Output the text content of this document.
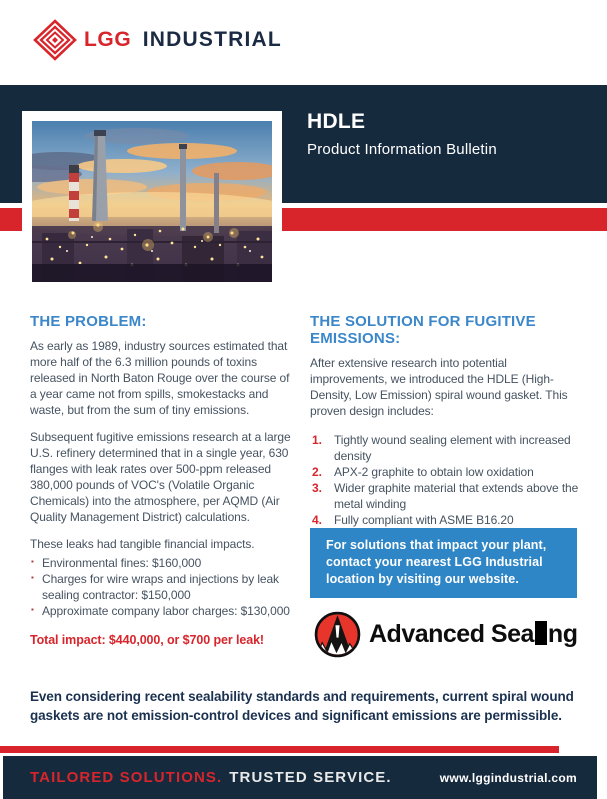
LGG INDUSTRIAL
HDLE
Product Information Bulletin
THE PROBLEM:

As early as 1989, industry sources estimated that more half of the 6.3 million pounds of toxins released in North Baton Rouge over the course of a year came not from spills, smokestacks and waste, but from the sum of tiny emissions.

Subsequent fugitive emissions research at a large U.S. refinery determined that in a single year, 630 flanges with leak rates over 500-ppm released 380,000 pounds of VOC's (Volatile Organic Chemicals) into the atmosphere, per AQMD (Air Quality Management District) calculations.

These leaks had tangible financial impacts.

▪ Environmental fines: $160,000
▪ Charges for wire wraps and injections by leak sealing contractor: $150,000
▪ Approximate company labor charges: $130,000
Total impact: $440,000, or $700 per leak!
THE SOLUTION FOR FUGITIVE EMISSIONS:

After extensive research into potential improvements, we introduced the HDLE (High-Density, Low Emission) spiral wound gasket. This proven design includes:

Tightly wound sealing element with increased density
APX-2 graphite to obtain low oxidation
Wider graphite material that extends above the metal winding
Fully compliant with ASME B16.20
For solutions that impact your plant, contact your nearest LGG Industrial location by visiting our website.
Advanced Sea ng
Even considering recent sealability standards and requirements, current spiral wound gaskets are not emission-control devices and significant emissions are permissible.
TAILORED SOLUTIONS. TRUSTED SERVICE.	www.lggindustrial.com
